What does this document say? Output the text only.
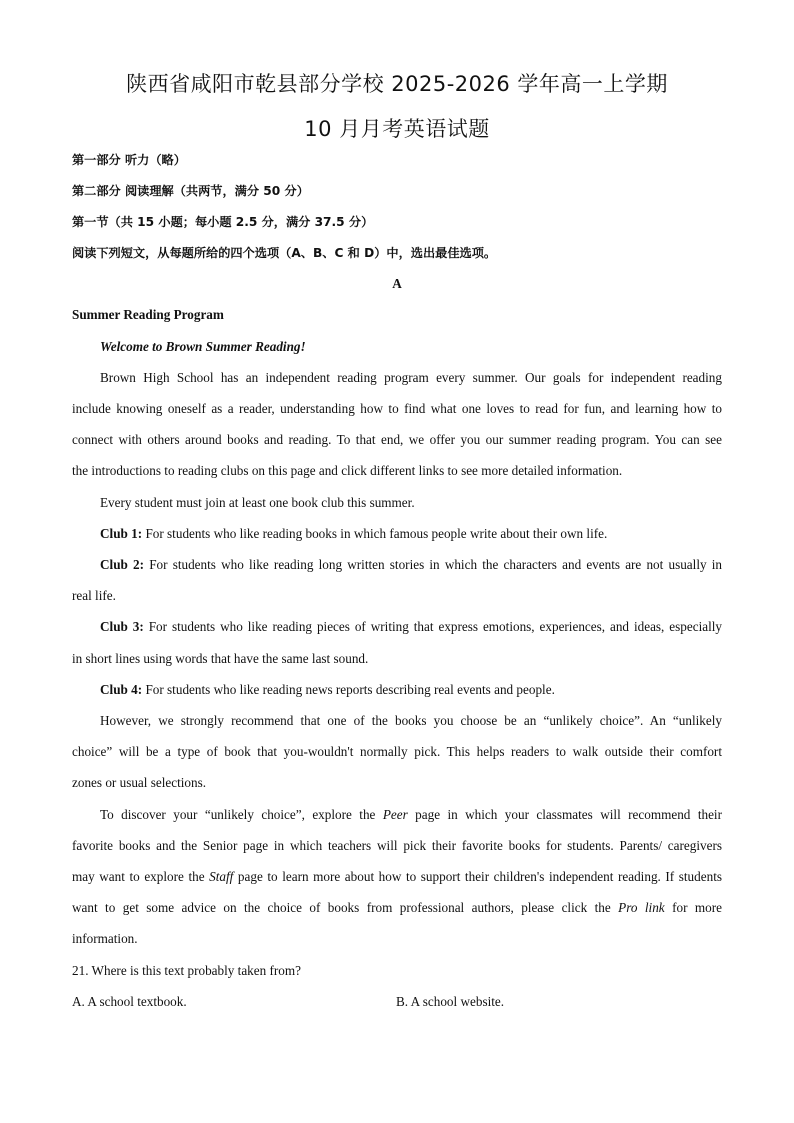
陕西省咸阳市乾县部分学校 2025-2026 学年高一上学期
10 月月考英语试题
第一部分 听力（略）
第二部分 阅读理解（共两节，满分 50 分）
第一节（共 15 小题；每小题 2.5 分，满分 37.5 分）
阅读下列短文，从每题所给的四个选项（A、B、C 和 D）中，选出最佳选项。
A
Summer Reading Program
Welcome to Brown Summer Reading!
Brown High School has an independent reading program every summer. Our goals for independent reading
include knowing oneself as a reader, understanding how to find what one loves to read for fun, and learning how to
connect with others around books and reading. To that end, we offer you our summer reading program. You can see
the introductions to reading clubs on this page and click different links to see more detailed information.
Every student must join at least one book club this summer.
Club 1: For students who like reading books in which famous people write about their own life.
Club 2: For students who like reading long written stories in which the characters and events are not usually in
real life.
Club 3: For students who like reading pieces of writing that express emotions, experiences, and ideas, especially
in short lines using words that have the same last sound.
Club 4: For students who like reading news reports describing real events and people.
However, we strongly recommend that one of the books you choose be an “unlikely choice”. An “unlikely
choice” will be a type of book that you-wouldn't normally pick. This helps readers to walk outside their comfort
zones or usual selections.
To discover your “unlikely choice”, explore the Peer page in which your classmates will recommend their
favorite books and the Senior page in which teachers will pick their favorite books for students. Parents/ caregivers
may want to explore the Staff page to learn more about how to support their children's independent reading. If students
want to get some advice on the choice of books from professional authors, please click the Pro link for more
information.
21. Where is this text probably taken from?
A. A school textbook.	B. A school website.
